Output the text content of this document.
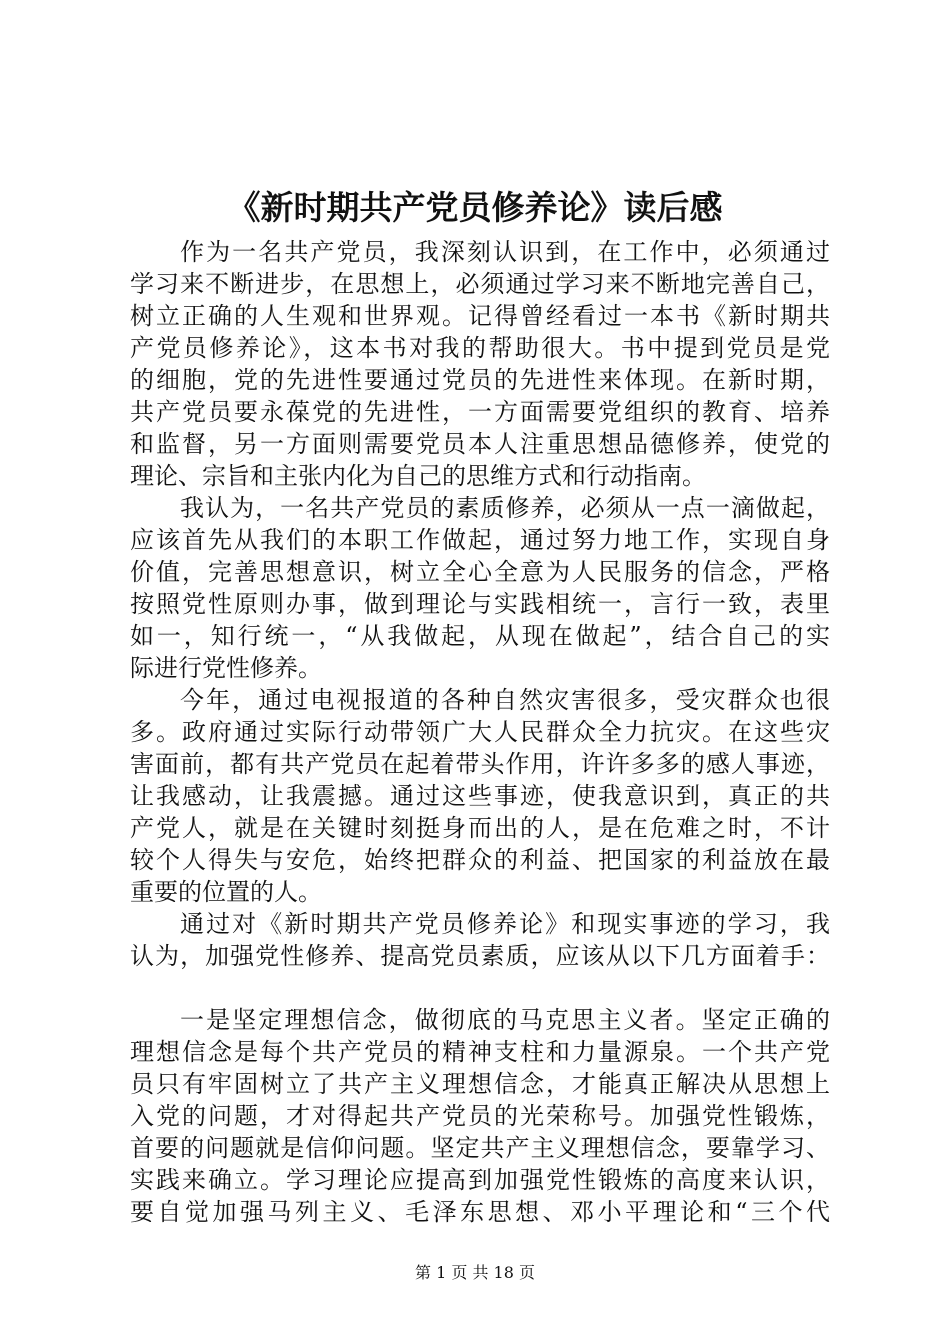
《新时期共产党员修养论》读后感
作为一名共产党员，我深刻认识到，在工作中，必须通过
学习来不断进步，在思想上，必须通过学习来不断地完善自己，
树立正确的人生观和世界观。记得曾经看过一本书《新时期共
产党员修养论》，这本书对我的帮助很大。书中提到党员是党
的细胞，党的先进性要通过党员的先进性来体现。在新时期，
共产党员要永葆党的先进性，一方面需要党组织的教育、培养
和监督，另一方面则需要党员本人注重思想品德修养，使党的
理论、宗旨和主张内化为自己的思维方式和行动指南。
我认为，一名共产党员的素质修养，必须从一点一滴做起，
应该首先从我们的本职工作做起，通过努力地工作，实现自身
价值，完善思想意识，树立全心全意为人民服务的信念，严格
按照党性原则办事，做到理论与实践相统一，言行一致，表里
如一，知行统一，“从我做起，从现在做起”，结合自己的实
际进行党性修养。
今年，通过电视报道的各种自然灾害很多，受灾群众也很
多。政府通过实际行动带领广大人民群众全力抗灾。在这些灾
害面前，都有共产党员在起着带头作用，许许多多的感人事迹，
让我感动，让我震撼。通过这些事迹，使我意识到，真正的共
产党人，就是在关键时刻挺身而出的人，是在危难之时，不计
较个人得失与安危，始终把群众的利益、把国家的利益放在最
重要的位置的人。
通过对《新时期共产党员修养论》和现实事迹的学习，我
认为，加强党性修养、提高党员素质，应该从以下几方面着手：
一是坚定理想信念，做彻底的马克思主义者。坚定正确的
理想信念是每个共产党员的精神支柱和力量源泉。一个共产党
员只有牢固树立了共产主义理想信念，才能真正解决从思想上
入党的问题，才对得起共产党员的光荣称号。加强党性锻炼，
首要的问题就是信仰问题。坚定共产主义理想信念，要靠学习、
实践来确立。学习理论应提高到加强党性锻炼的高度来认识，
要自觉加强马列主义、毛泽东思想、邓小平理论和“三个代
第 1 页 共 18 页
